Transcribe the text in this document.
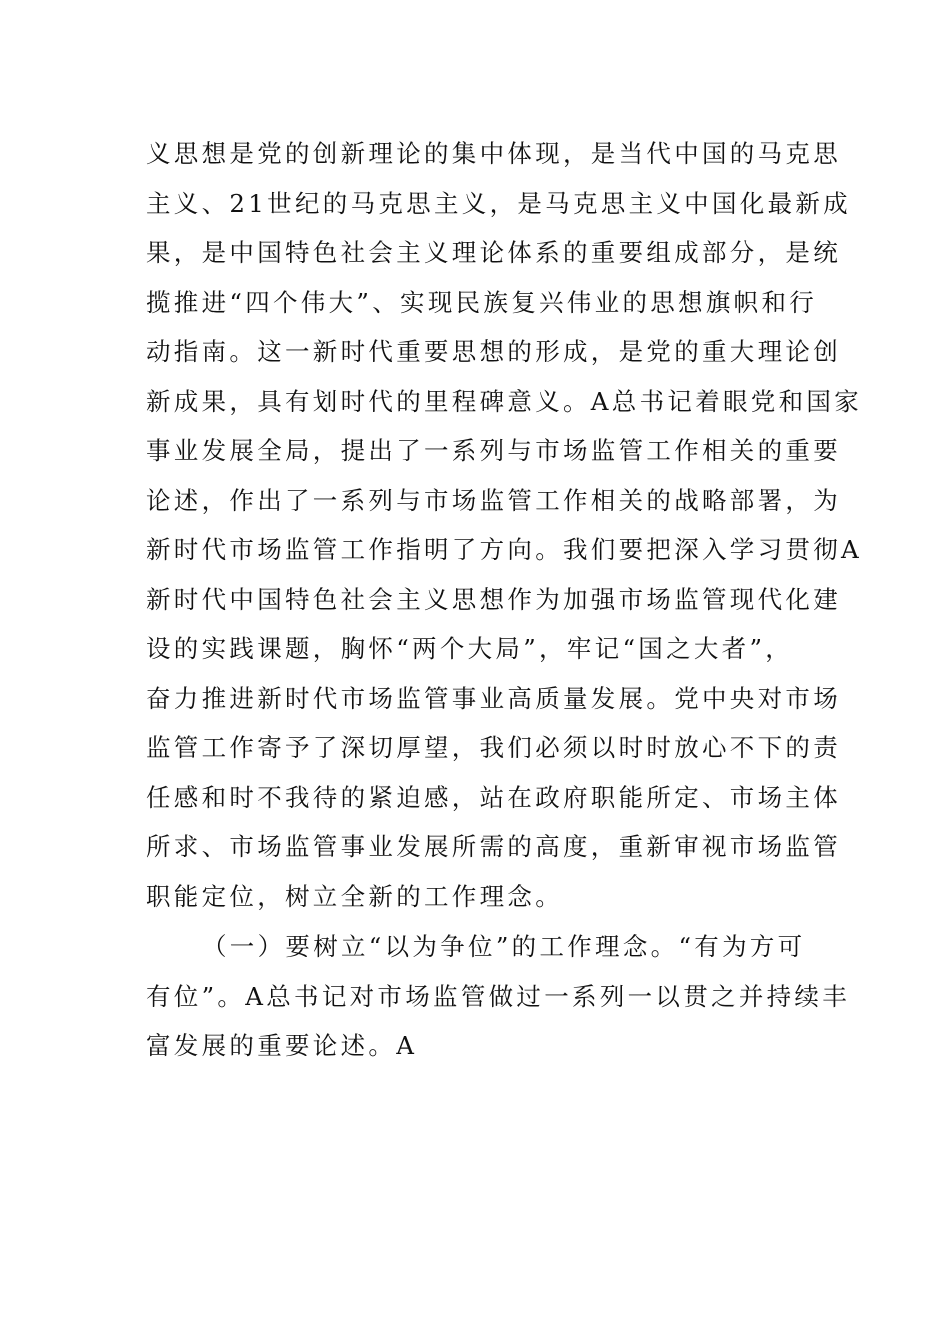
义思想是党的创新理论的集中体现，是当代中国的马克思
主义、21世纪的马克思主义，是马克思主义中国化最新成
果，是中国特色社会主义理论体系的重要组成部分，是统
揽推进“四个伟大”、实现民族复兴伟业的思想旗帜和行
动指南。这一新时代重要思想的形成，是党的重大理论创
新成果，具有划时代的里程碑意义。A总书记着眼党和国家
事业发展全局，提出了一系列与市场监管工作相关的重要
论述，作出了一系列与市场监管工作相关的战略部署，为
新时代市场监管工作指明了方向。我们要把深入学习贯彻A
新时代中国特色社会主义思想作为加强市场监管现代化建
设的实践课题，胸怀“两个大局”，牢记“国之大者”，
奋力推进新时代市场监管事业高质量发展。党中央对市场
监管工作寄予了深切厚望，我们必须以时时放心不下的责
任感和时不我待的紧迫感，站在政府职能所定、市场主体
所求、市场监管事业发展所需的高度，重新审视市场监管
职能定位，树立全新的工作理念。
（一）要树立“以为争位”的工作理念。“有为方可
有位”。A总书记对市场监管做过一系列一以贯之并持续丰
富发展的重要论述。A
